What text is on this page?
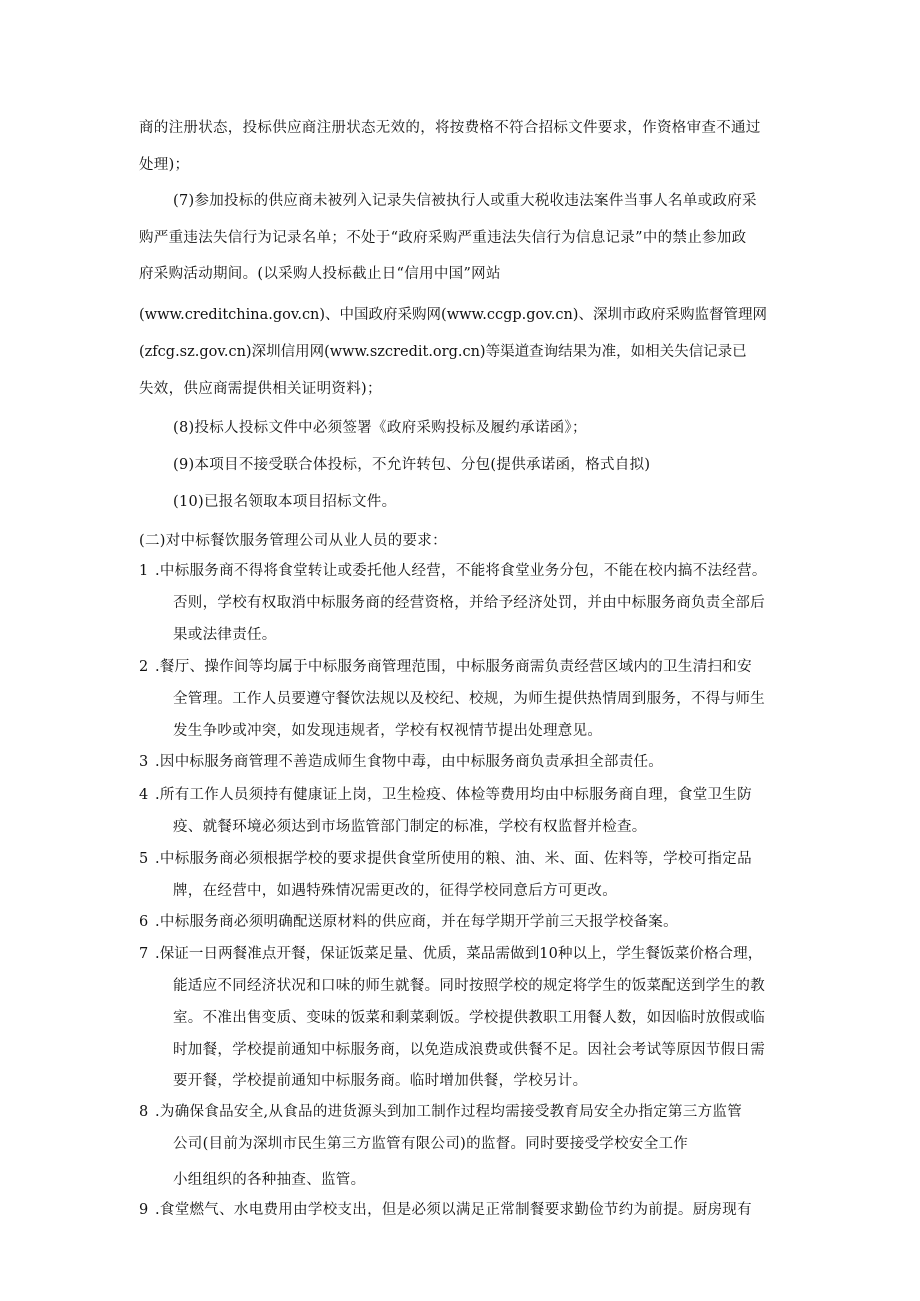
商的注册状态，投标供应商注册状态无效的，将按费格不符合招标文件要求，作资格审查不通过
处理)；
(7)参加投标的供应商未被列入记录失信被执行人或重大税收违法案件当事人名单或政府采
购严重违法失信行为记录名单；不处于“政府采购严重违法失信行为信息记录”中的禁止参加政
府采购活动期间。(以采购人投标截止日“信用中国”网站
(www.creditchina.gov.cn)、中国政府采购网(www.ccgp.gov.cn)、深圳市政府采购监督管理网
(zfcg.sz.gov.cn)深圳信用网(www.szcredit.org.cn)等渠道查询结果为准，如相关失信记录已
失效，供应商需提供相关证明资料)；
(8)投标人投标文件中必须签署《政府采购投标及履约承诺函》；
(9)本项目不接受联合体投标，不允许转包、分包(提供承诺函，格式自拟)
(10)已报名领取本项目招标文件。
(二)对中标餐饮服务管理公司从业人员的要求：
1 .中标服务商不得将食堂转让或委托他人经营，不能将食堂业务分包，不能在校内搞不法经营。
否则，学校有权取消中标服务商的经营资格，并给予经济处罚，并由中标服务商负责全部后
果或法律责任。
2 .餐厅、操作间等均属于中标服务商管理范围，中标服务商需负责经营区域内的卫生清扫和安
全管理。工作人员要遵守餐饮法规以及校纪、校规，为师生提供热情周到服务，不得与师生
发生争吵或冲突，如发现违规者，学校有权视情节提出处理意见。
3 .因中标服务商管理不善造成师生食物中毒，由中标服务商负责承担全部责任。
4 .所有工作人员须持有健康证上岗，卫生检疫、体检等费用均由中标服务商自理，食堂卫生防
疫、就餐环境必须达到市场监管部门制定的标准，学校有权监督并检查。
5 .中标服务商必须根据学校的要求提供食堂所使用的粮、油、米、面、佐料等，学校可指定品
牌，在经营中，如遇特殊情况需更改的，征得学校同意后方可更改。
6 .中标服务商必须明确配送原材料的供应商，并在每学期开学前三天报学校备案。
7 .保证一日两餐准点开餐，保证饭菜足量、优质，菜品需做到10种以上，学生餐饭菜价格合理，
能适应不同经济状况和口味的师生就餐。同时按照学校的规定将学生的饭菜配送到学生的教
室。不准出售变质、变味的饭菜和剩菜剩饭。学校提供教职工用餐人数，如因临时放假或临
时加餐，学校提前通知中标服务商，以免造成浪费或供餐不足。因社会考试等原因节假日需
要开餐，学校提前通知中标服务商。临时增加供餐，学校另计。
8 .为确保食品安全,从食品的进货源头到加工制作过程均需接受教育局安全办指定第三方监管
公司(目前为深圳市民生第三方监管有限公司)的监督。同时要接受学校安全工作
小组组织的各种抽查、监管。
9 .食堂燃气、水电费用由学校支出，但是必须以满足正常制餐要求勤俭节约为前提。厨房现有
